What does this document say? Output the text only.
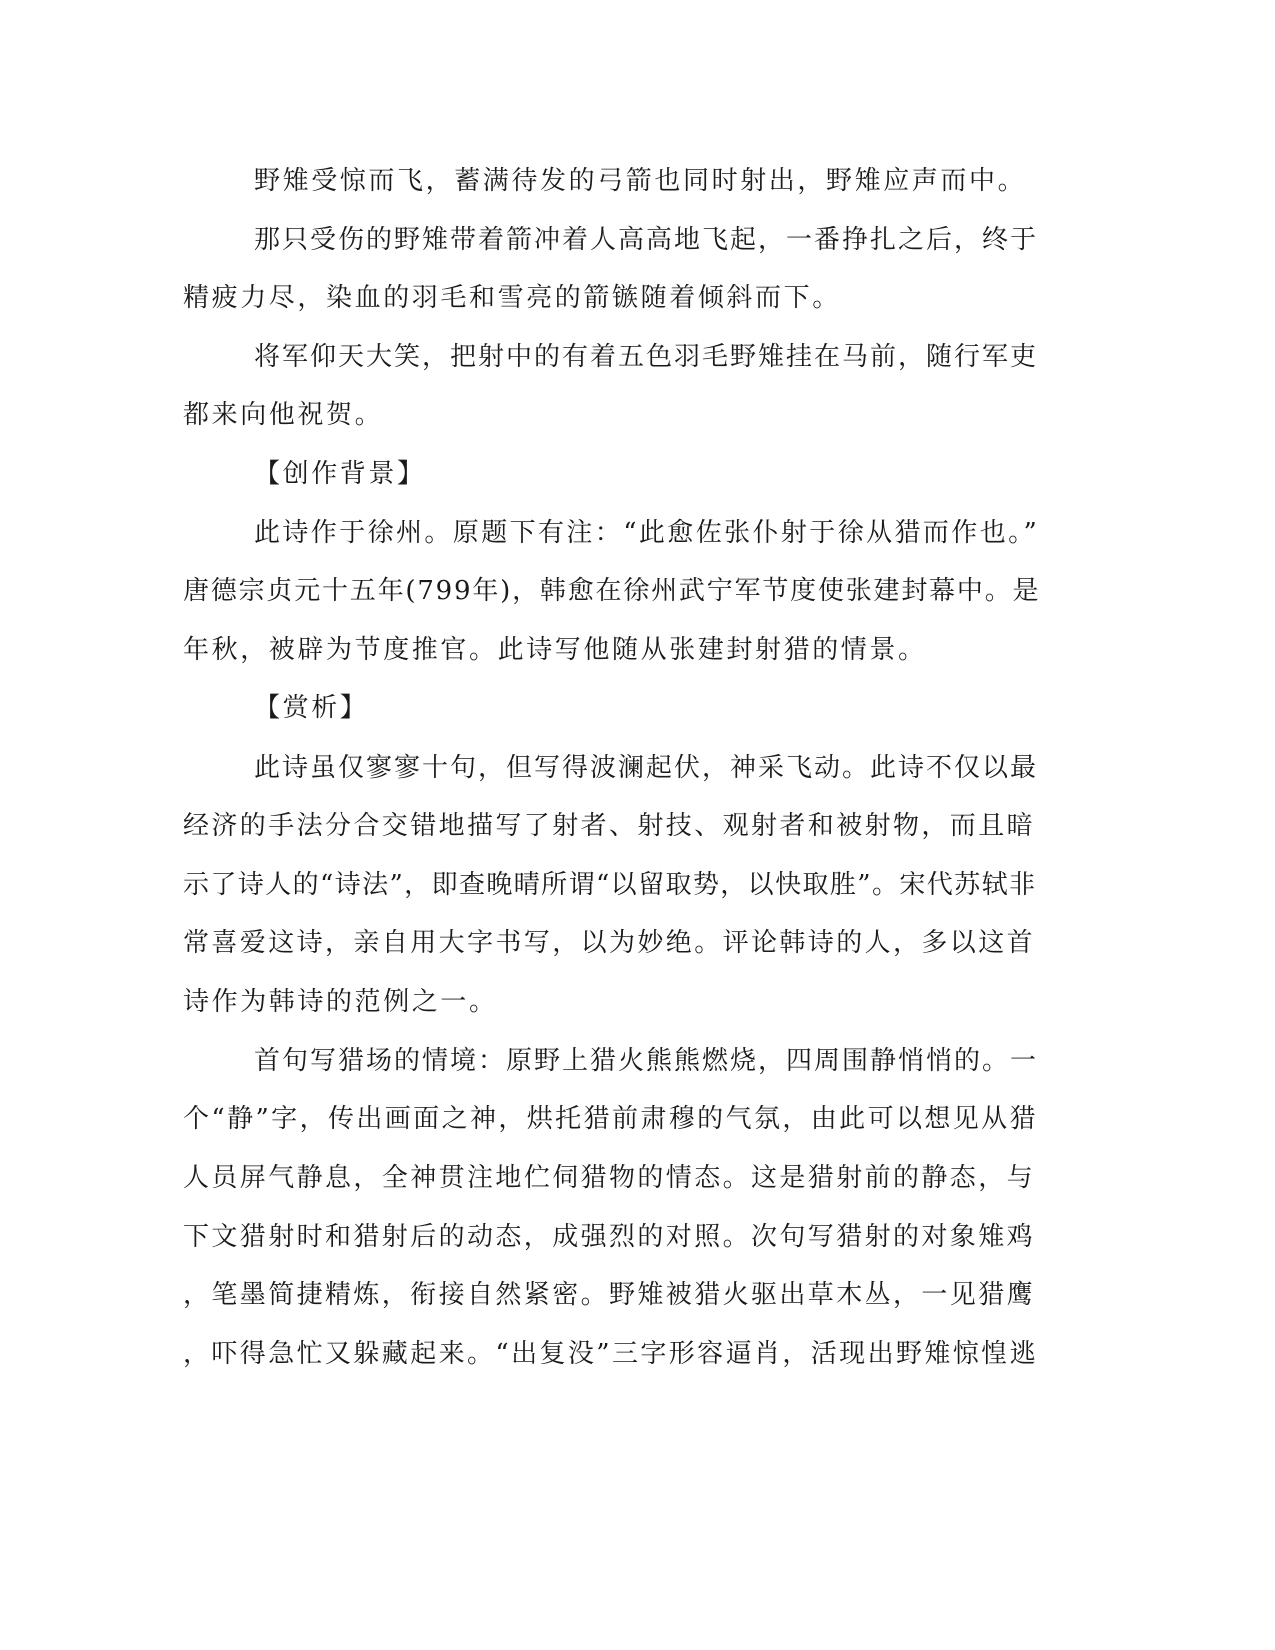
野雉受惊而飞，蓄满待发的弓箭也同时射出，野雉应声而中。
那只受伤的野雉带着箭冲着人高高地飞起，一番挣扎之后，终于
精疲力尽，染血的羽毛和雪亮的箭镞随着倾斜而下。
将军仰天大笑，把射中的有着五色羽毛野雉挂在马前，随行军吏
都来向他祝贺。
【创作背景】
此诗作于徐州。原题下有注：“此愈佐张仆射于徐从猎而作也。”
唐德宗贞元十五年(799年)，韩愈在徐州武宁军节度使张建封幕中。是
年秋，被辟为节度推官。此诗写他随从张建封射猎的情景。
【赏析】
此诗虽仅寥寥十句，但写得波澜起伏，神采飞动。此诗不仅以最
经济的手法分合交错地描写了射者、射技、观射者和被射物，而且暗
示了诗人的“诗法”，即查晚晴所谓“以留取势，以快取胜”。宋代苏轼非
常喜爱这诗，亲自用大字书写，以为妙绝。评论韩诗的人，多以这首
诗作为韩诗的范例之一。
首句写猎场的情境：原野上猎火熊熊燃烧，四周围静悄悄的。一
个“静”字，传出画面之神，烘托猎前肃穆的气氛，由此可以想见从猎
人员屏气静息，全神贯注地伫伺猎物的情态。这是猎射前的静态，与
下文猎射时和猎射后的动态，成强烈的对照。次句写猎射的对象雉鸡
，笔墨简捷精炼，衔接自然紧密。野雉被猎火驱出草木丛，一见猎鹰
，吓得急忙又躲藏起来。“出复没”三字形容逼肖，活现出野雉惊惶逃
